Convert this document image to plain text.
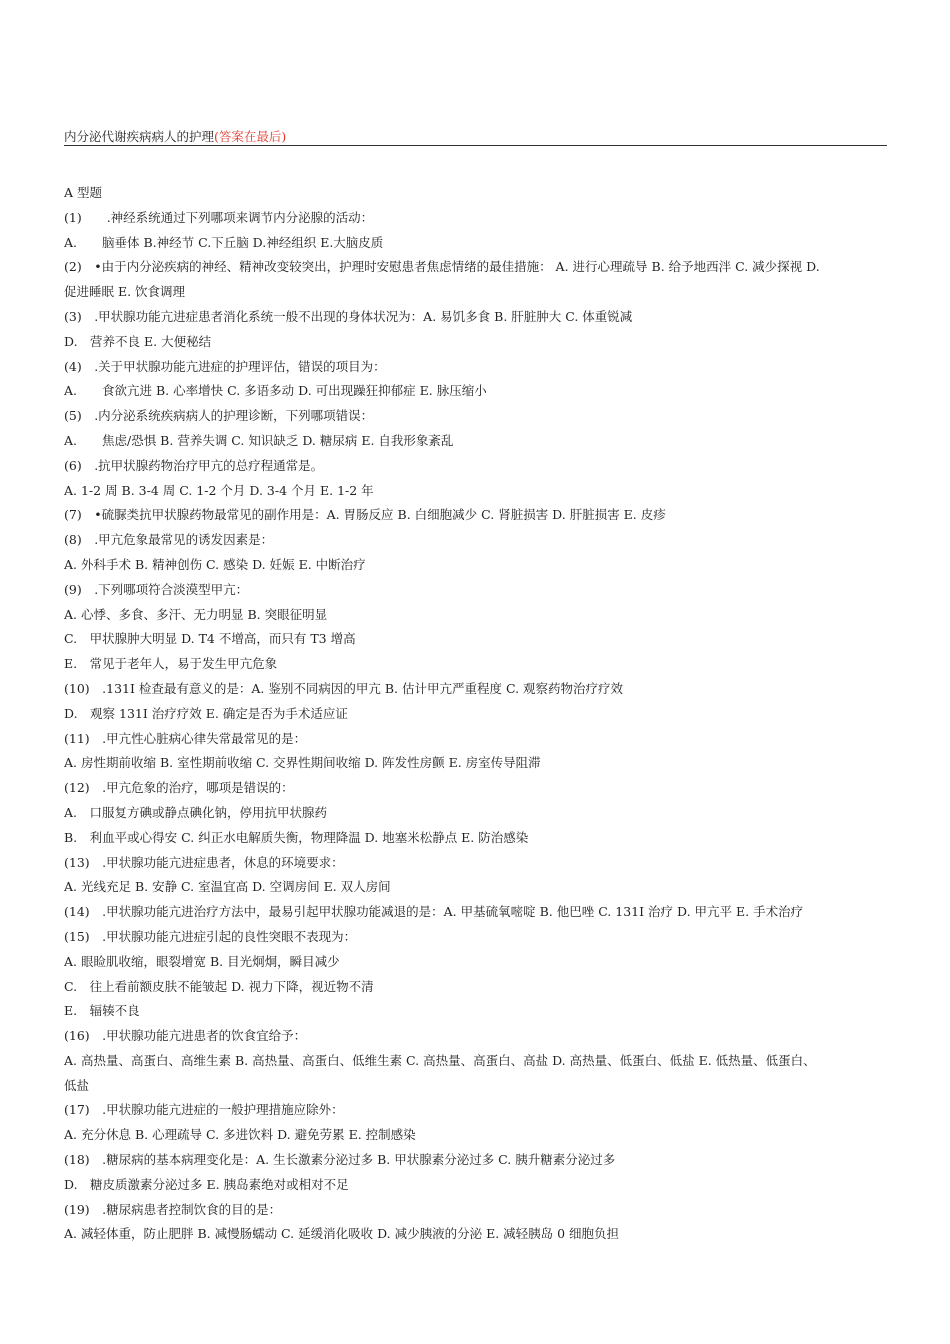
内分泌代谢疾病病人的护理(答案在最后)
A 型题
(1)　　.神经系统通过下列哪项来调节内分泌腺的活动：
A.　　脑垂体 B.神经节 C.下丘脑 D.神经组织 E.大脑皮质
(2)　•由于内分泌疾病的神经、精神改变较突出，护理时安慰患者焦虑情绪的最佳措施： A. 进行心理疏导 B. 给予地西泮 C. 减少探视 D.
促进睡眠 E. 饮食调理
(3)　.甲状腺功能亢进症患者消化系统一般不出现的身体状况为：A. 易饥多食 B. 肝脏肿大 C. 体重锐减
D.　营养不良 E. 大便秘结
(4)　.关于甲状腺功能亢进症的护理评估，错误的项目为：
A.　　食欲亢进 B. 心率增快 C. 多语多动 D. 可出现躁狂抑郁症 E. 脉压缩小
(5)　.内分泌系统疾病病人的护理诊断，下列哪项错误：
A.　　焦虑/恐惧 B. 营养失调 C. 知识缺乏 D. 糖尿病 E. 自我形象紊乱
(6)　.抗甲状腺药物治疗甲亢的总疗程通常是。
A. 1-2 周 B. 3-4 周 C. 1-2 个月 D. 3-4 个月 E. 1-2 年
(7)　•硫脲类抗甲状腺药物最常见的副作用是：A. 胃肠反应 B. 白细胞减少 C. 肾脏损害 D. 肝脏损害 E. 皮疹
(8)　.甲亢危象最常见的诱发因素是：
A. 外科手术 B. 精神创伤 C. 感染 D. 妊娠 E. 中断治疗
(9)　.下列哪项符合淡漠型甲亢：
A. 心悸、多食、多汗、无力明显 B. 突眼征明显
C.　甲状腺肿大明显 D. T4 不增高，而只有 T3 增高
E.　常见于老年人，易于发生甲亢危象
(10)　.131I 检查最有意义的是：A. 鉴别不同病因的甲亢 B. 估计甲亢严重程度 C. 观察药物治疗疗效
D.　观察 131I 治疗疗效 E. 确定是否为手术适应证
(11)　.甲亢性心脏病心律失常最常见的是：
A. 房性期前收缩 B. 室性期前收缩 C. 交界性期间收缩 D. 阵发性房颤 E. 房室传导阻滞
(12)　.甲亢危象的治疗，哪项是错误的：
A.　口服复方碘或静点碘化钠，停用抗甲状腺药
B.　利血平或心得安 C. 纠正水电解质失衡，物理降温 D. 地塞米松静点 E. 防治感染
(13)　.甲状腺功能亢进症患者，休息的环境要求：
A. 光线充足 B. 安静 C. 室温宜高 D. 空调房间 E. 双人房间
(14)　.甲状腺功能亢进治疗方法中，最易引起甲状腺功能减退的是：A. 甲基硫氧嘧啶 B. 他巴唑 C. 131I 治疗 D. 甲亢平 E. 手术治疗
(15)　.甲状腺功能亢进症引起的良性突眼不表现为：
A. 眼睑肌收缩，眼裂增宽 B. 目光炯炯，瞬目减少
C.　往上看前额皮肤不能皱起 D. 视力下降，视近物不清
E.　辐辏不良
(16)　.甲状腺功能亢进患者的饮食宜给予：
A. 高热量、高蛋白、高维生素 B. 高热量、高蛋白、低维生素 C. 高热量、高蛋白、高盐 D. 高热量、低蛋白、低盐 E. 低热量、低蛋白、
低盐
(17)　.甲状腺功能亢进症的一般护理措施应除外：
A. 充分休息 B. 心理疏导 C. 多进饮料 D. 避免劳累 E. 控制感染
(18)　.糖尿病的基本病理变化是：A. 生长激素分泌过多 B. 甲状腺素分泌过多 C. 胰升糖素分泌过多
D.　糖皮质激素分泌过多 E. 胰岛素绝对或相对不足
(19)　.糖尿病患者控制饮食的目的是：
A. 减轻体重，防止肥胖 B. 减慢肠蠕动 C. 延缓消化吸收 D. 减少胰液的分泌 E. 减轻胰岛 0 细胞负担
